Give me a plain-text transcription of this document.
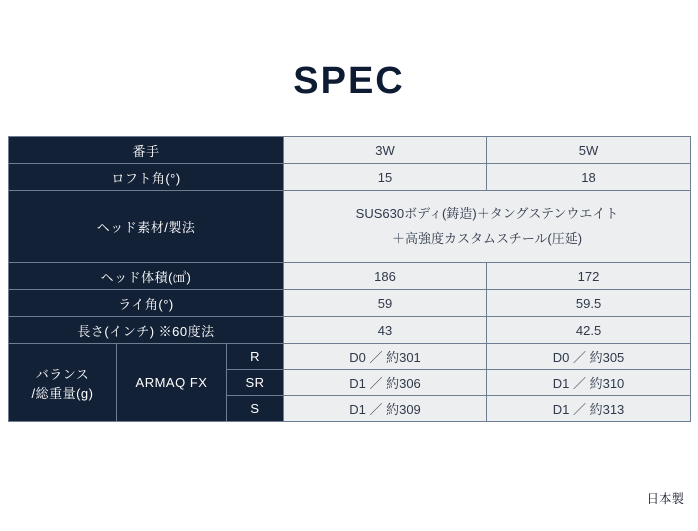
SPEC
番手			3W	5W
ロフト角(°)			15	18
ヘッド素材/製法			SUS630ボディ(鋳造)＋タングステンウエイト
＋高強度カスタムスチール(圧延)	

ヘッド体積(㎤)			186	172
ライ角(°)			59	59.5
長さ(インチ) ※60度法			43	42.5

バランス
/総重量(g)	ARMAQ FX	R	D0 ／ 約301	D0 ／ 約305
		SR	D1 ／ 約306	D1 ／ 約310
		S	D1 ／ 約309	D1 ／ 約313
日本製
